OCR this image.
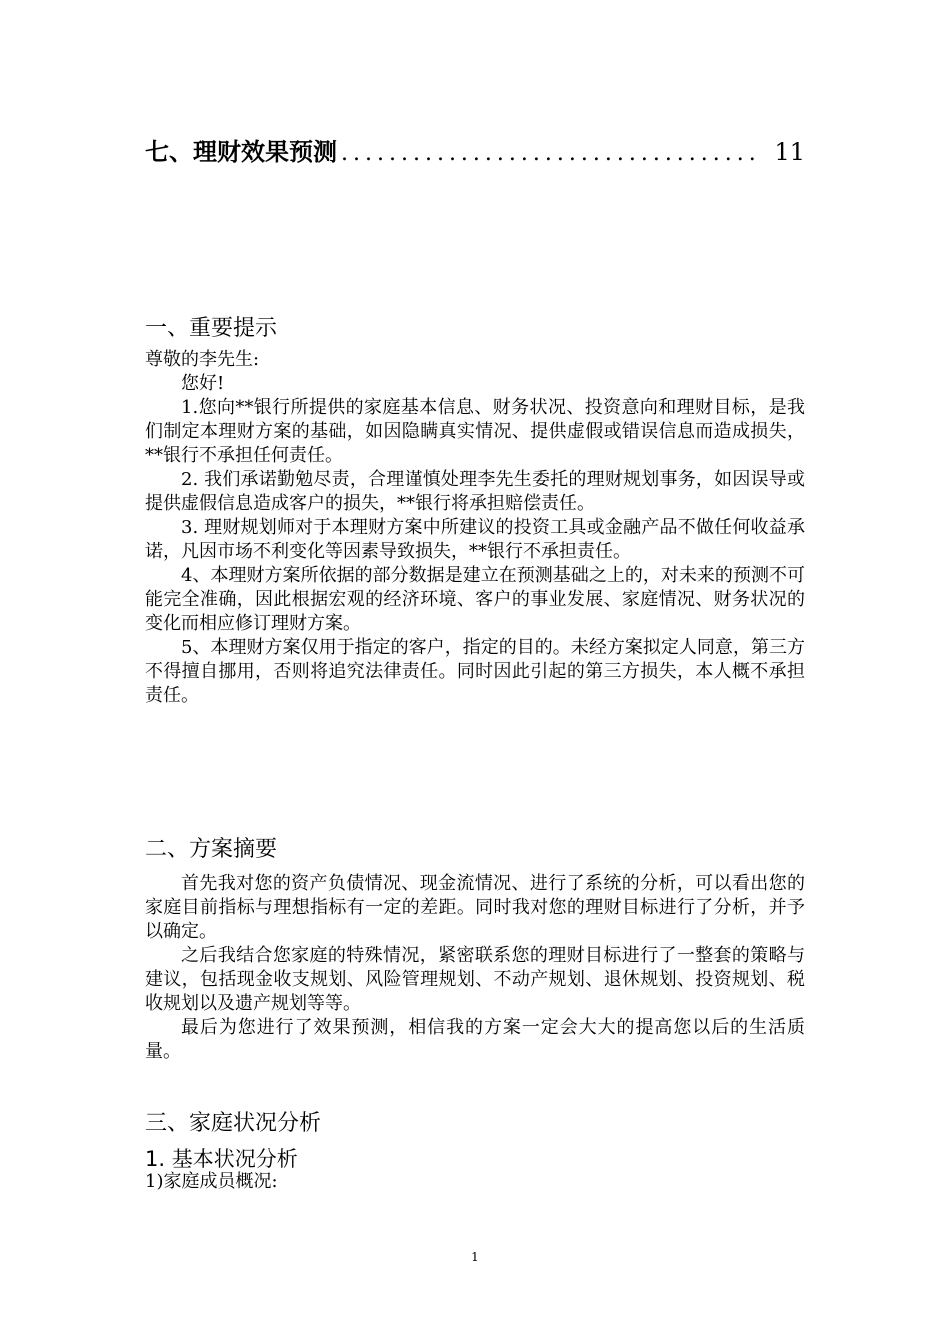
七、理财效果预测 ................................... 11
一、重要提示

尊敬的李先生:

您好!

1.您向**银行所提供的家庭基本信息、财务状况、投资意向和理财目标，是我们制定本理财方案的基础，如因隐瞒真实情况、提供虚假或错误信息而造成损失，**银行不承担任何责任。

2. 我们承诺勤勉尽责，合理谨慎处理李先生委托的理财规划事务，如因误导或提供虚假信息造成客户的损失，**银行将承担赔偿责任。

3. 理财规划师对于本理财方案中所建议的投资工具或金融产品不做任何收益承诺，凡因市场不利变化等因素导致损失，**银行不承担责任。

4、本理财方案所依据的部分数据是建立在预测基础之上的，对未来的预测不可能完全准确，因此根据宏观的经济环境、客户的事业发展、家庭情况、财务状况的变化而相应修订理财方案。

5、本理财方案仅用于指定的客户，指定的目的。未经方案拟定人同意，第三方不得擅自挪用，否则将追究法律责任。同时因此引起的第三方损失，本人概不承担责任。

二、方案摘要

首先我对您的资产负债情况、现金流情况、进行了系统的分析，可以看出您的家庭目前指标与理想指标有一定的差距。同时我对您的理财目标进行了分析，并予以确定。

之后我结合您家庭的特殊情况，紧密联系您的理财目标进行了一整套的策略与建议，包括现金收支规划、风险管理规划、不动产规划、退休规划、投资规划、税收规划以及遗产规划等等。

最后为您进行了效果预测，相信我的方案一定会大大的提高您以后的生活质量。

三、家庭状况分析
1. 基本状况分析

1)家庭成员概况:

1
